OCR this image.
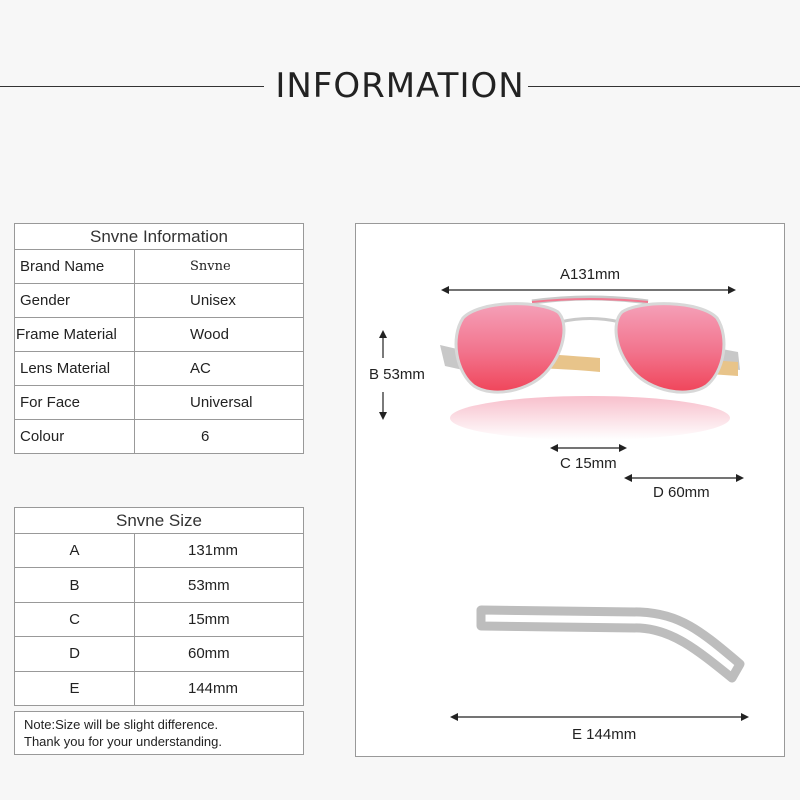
INFORMATION
Snvne Information	
Brand Name	Snvne
Gender	Unisex
Frame Material	Wood
Lens Material	AC
For Face	Universal
Colour	6
Snvne Size	
A	131mm
B	53mm
C	15mm
D	60mm
E	144mm
Note:Size will be slight difference.
Thank you for your understanding.
A131mm
B 53mm
C 15mm
D 60mm
E 144mm
